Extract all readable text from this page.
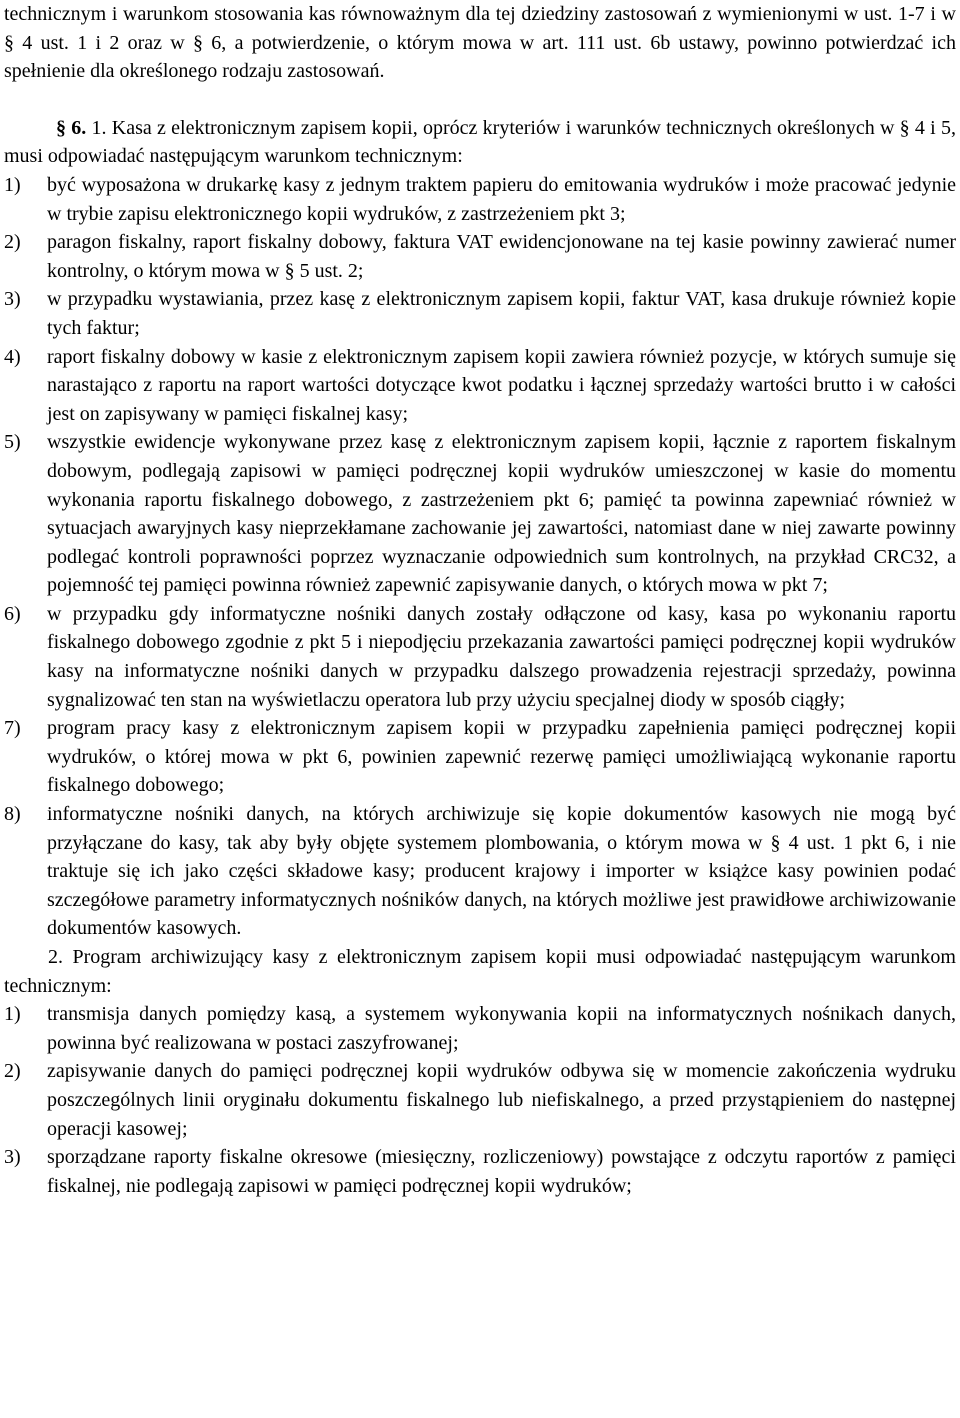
technicznym i warunkom stosowania kas równoważnym dla tej dziedziny zastosowań z wymienionymi w ust. 1-7 i w § 4 ust. 1 i 2 oraz w § 6, a potwierdzenie, o którym mowa w art. 111 ust. 6b ustawy, powinno potwierdzać ich spełnienie dla określonego rodzaju zastosowań.

§ 6. 1. Kasa z elektronicznym zapisem kopii, oprócz kryteriów i warunków technicznych określonych w § 4 i 5, musi odpowiadać następującym warunkom technicznym:

1)	być wyposażona w drukarkę kasy z jednym traktem papieru do emitowania wydruków i może pracować jedynie w trybie zapisu elektronicznego kopii wydruków, z zastrzeżeniem pkt 3;
2)	paragon fiskalny, raport fiskalny dobowy, faktura VAT ewidencjonowane na tej kasie powinny zawierać numer kontrolny, o którym mowa w § 5 ust. 2;
3)	w przypadku wystawiania, przez kasę z elektronicznym zapisem kopii, faktur VAT, kasa drukuje również kopie tych faktur;
4)	raport fiskalny dobowy w kasie z elektronicznym zapisem kopii zawiera również pozycje, w których sumuje się narastająco z raportu na raport wartości dotyczące kwot podatku i łącznej sprzedaży wartości brutto i w całości jest on zapisywany w pamięci fiskalnej kasy;
5)	wszystkie ewidencje wykonywane przez kasę z elektronicznym zapisem kopii, łącznie z raportem fiskalnym dobowym, podlegają zapisowi w pamięci podręcznej kopii wydruków umieszczonej w kasie do momentu wykonania raportu fiskalnego dobowego, z zastrzeżeniem pkt 6; pamięć ta powinna zapewniać również w sytuacjach awaryjnych kasy nieprzekłamane zachowanie jej zawartości, natomiast dane w niej zawarte powinny podlegać kontroli poprawności poprzez wyznaczanie odpowiednich sum kontrolnych, na przykład CRC32, a pojemność tej pamięci powinna również zapewnić zapisywanie danych, o których mowa w pkt 7;
6)	w przypadku gdy informatyczne nośniki danych zostały odłączone od kasy, kasa po wykonaniu raportu fiskalnego dobowego zgodnie z pkt 5 i niepodjęciu przekazania zawartości pamięci podręcznej kopii wydruków kasy na informatyczne nośniki danych w przypadku dalszego prowadzenia rejestracji sprzedaży, powinna sygnalizować ten stan na wyświetlaczu operatora lub przy użyciu specjalnej diody w sposób ciągły;
7)	program pracy kasy z elektronicznym zapisem kopii w przypadku zapełnienia pamięci podręcznej kopii wydruków, o której mowa w pkt 6, powinien zapewnić rezerwę pamięci umożliwiającą wykonanie raportu fiskalnego dobowego;
8)	informatyczne nośniki danych, na których archiwizuje się kopie dokumentów kasowych nie mogą być przyłączane do kasy, tak aby były objęte systemem plombowania, o którym mowa w § 4 ust. 1 pkt 6, i nie traktuje się ich jako części składowe kasy; producent krajowy i importer w książce kasy powinien podać szczegółowe parametry informatycznych nośników danych, na których możliwe jest prawidłowe archiwizowanie dokumentów kasowych.

2. Program archiwizujący kasy z elektronicznym zapisem kopii musi odpowiadać następującym warunkom technicznym:

1)	transmisja danych pomiędzy kasą, a systemem wykonywania kopii na informatycznych nośnikach danych, powinna być realizowana w postaci zaszyfrowanej;
2)	zapisywanie danych do pamięci podręcznej kopii wydruków odbywa się w momencie zakończenia wydruku poszczególnych linii oryginału dokumentu fiskalnego lub niefiskalnego, a przed przystąpieniem do następnej operacji kasowej;
3)	sporządzane raporty fiskalne okresowe (miesięczny, rozliczeniowy) powstające z odczytu raportów z pamięci fiskalnej, nie podlegają zapisowi w pamięci podręcznej kopii wydruków;
